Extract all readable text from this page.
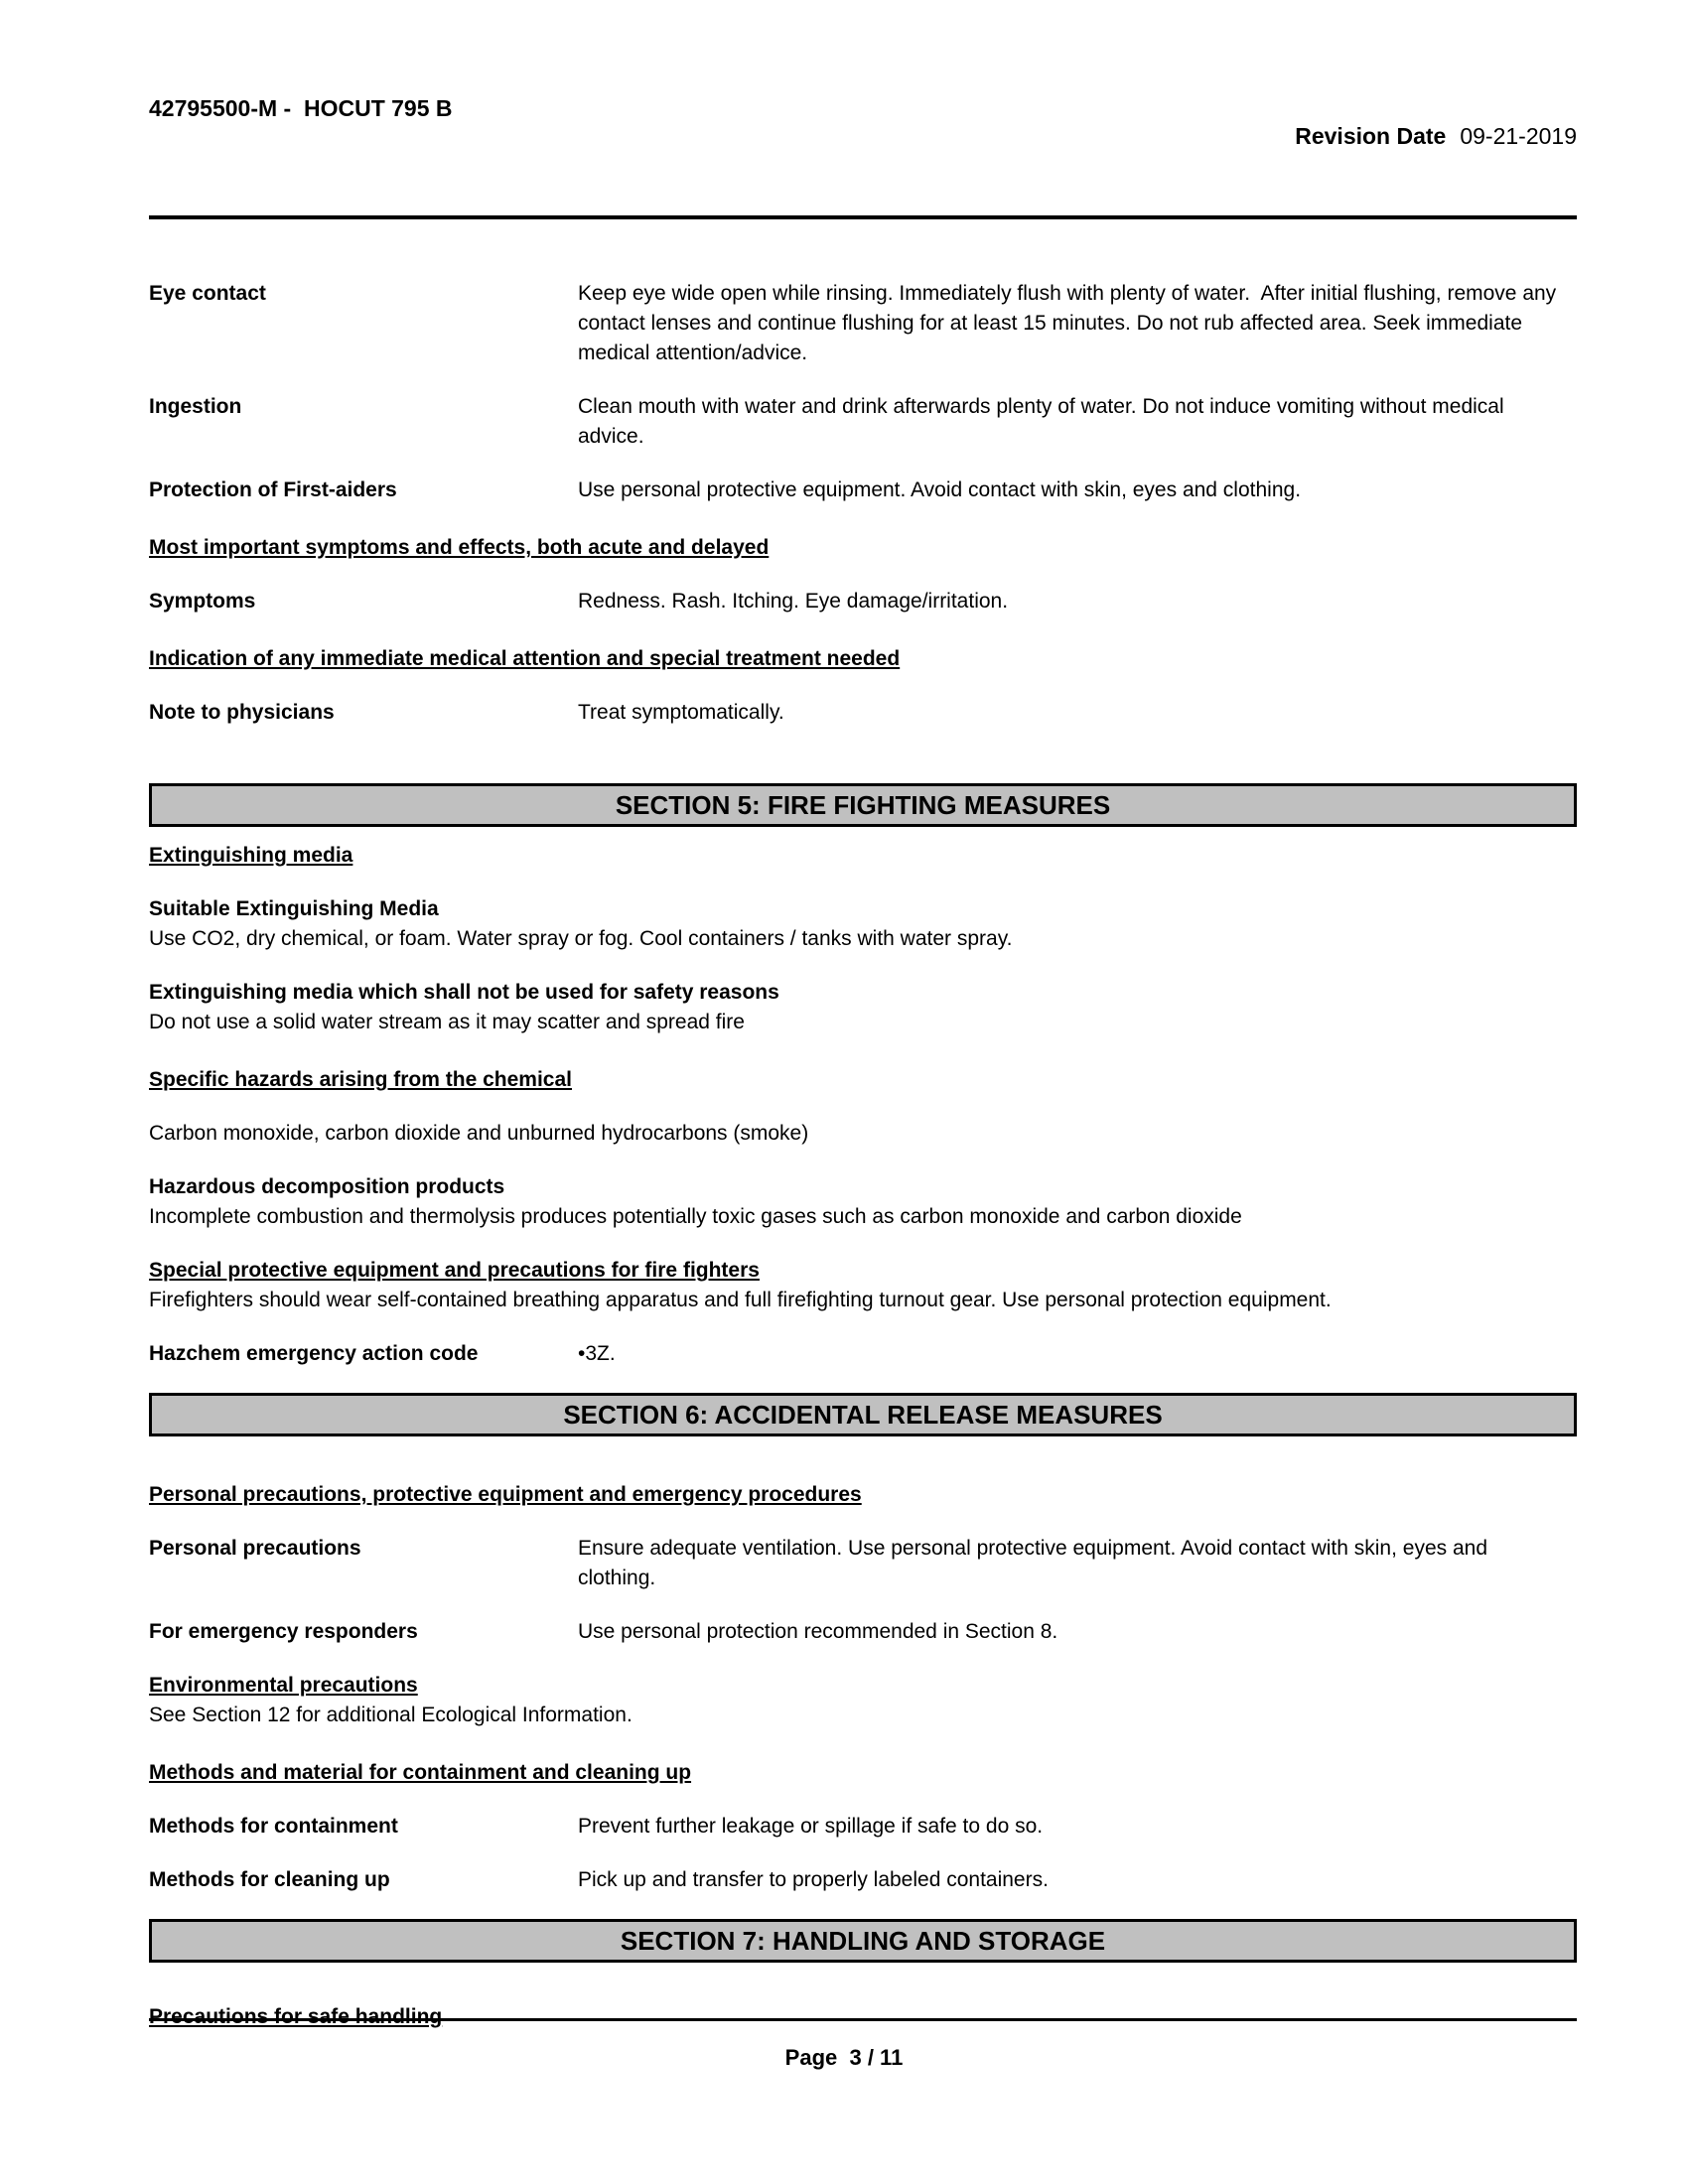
42795500-M -  HOCUT 795 B

Revision Date 09-21-2019

Eye contact	Keep eye wide open while rinsing. Immediately flush with plenty of water.  After initial flushing, remove any contact lenses and continue flushing for at least 15 minutes. Do not rub affected area. Seek immediate medical attention/advice.
Ingestion	Clean mouth with water and drink afterwards plenty of water. Do not induce vomiting without medical advice.
Protection of First-aiders	Use personal protective equipment. Avoid contact with skin, eyes and clothing.
Most important symptoms and effects, both acute and delayed
Symptoms	Redness. Rash. Itching. Eye damage/irritation.
Indication of any immediate medical attention and special treatment needed
Note to physicians	Treat symptomatically.
SECTION 5: FIRE FIGHTING MEASURES
Extinguishing media
Suitable Extinguishing Media
Use CO2, dry chemical, or foam. Water spray or fog. Cool containers / tanks with water spray.
Extinguishing media which shall not be used for safety reasons
Do not use a solid water stream as it may scatter and spread fire
Specific hazards arising from the chemical
Carbon monoxide, carbon dioxide and unburned hydrocarbons (smoke)
Hazardous decomposition products
Incomplete combustion and thermolysis produces potentially toxic gases such as carbon monoxide and carbon dioxide
Special protective equipment and precautions for fire fighters
Firefighters should wear self-contained breathing apparatus and full firefighting turnout gear. Use personal protection equipment.
Hazchem emergency action code	•3Z.
SECTION 6: ACCIDENTAL RELEASE MEASURES
Personal precautions, protective equipment and emergency procedures
Personal precautions	Ensure adequate ventilation. Use personal protective equipment. Avoid contact with skin, eyes and clothing.
For emergency responders	Use personal protection recommended in Section 8.
Environmental precautions
See Section 12 for additional Ecological Information.
Methods and material for containment and cleaning up
Methods for containment	Prevent further leakage or spillage if safe to do so.
Methods for cleaning up	Pick up and transfer to properly labeled containers.
SECTION 7: HANDLING AND STORAGE
Precautions for safe handling
Page  3 / 11
